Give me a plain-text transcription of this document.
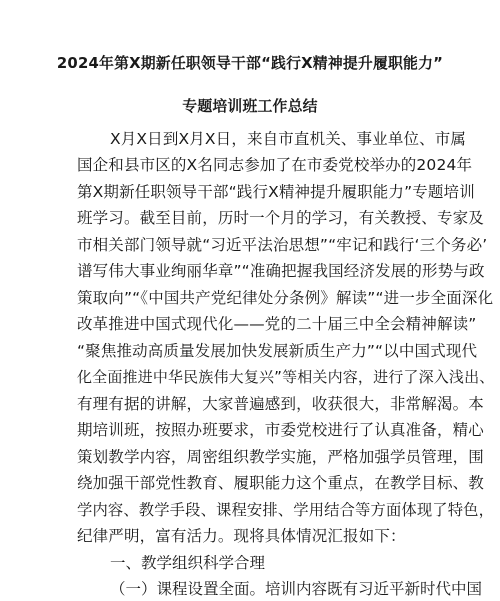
2024年第X期新任职领导干部“践行X精神提升履职能力”
专题培训班工作总结
X月X日到X月X日，来自市直机关、事业单位、市属
国企和县市区的X名同志参加了在市委党校举办的2024年
第X期新任职领导干部“践行X精神提升履职能力”专题培训
班学习。截至目前，历时一个月的学习，有关教授、专家及
市相关部门领导就“习近平法治思想”“牢记和践行‘三个务必’
谱写伟大事业绚丽华章”“准确把握我国经济发展的形势与政
策取向”“《中国共产党纪律处分条例》解读”“进一步全面深化
改革推进中国式现代化——党的二十届三中全会精神解读”
“聚焦推动高质量发展加快发展新质生产力”“以中国式现代
化全面推进中华民族伟大复兴”等相关内容，进行了深入浅出、
有理有据的讲解，大家普遍感到，收获很大，非常解渴。本
期培训班，按照办班要求，市委党校进行了认真准备，精心
策划教学内容，周密组织教学实施，严格加强学员管理，围
绕加强干部党性教育、履职能力这个重点，在教学目标、教
学内容、教学手段、课程安排、学用结合等方面体现了特色，
纪律严明，富有活力。现将具体情况汇报如下：
一、教学组织科学合理
（一）课程设置全面。培训内容既有习近平新时代中国
